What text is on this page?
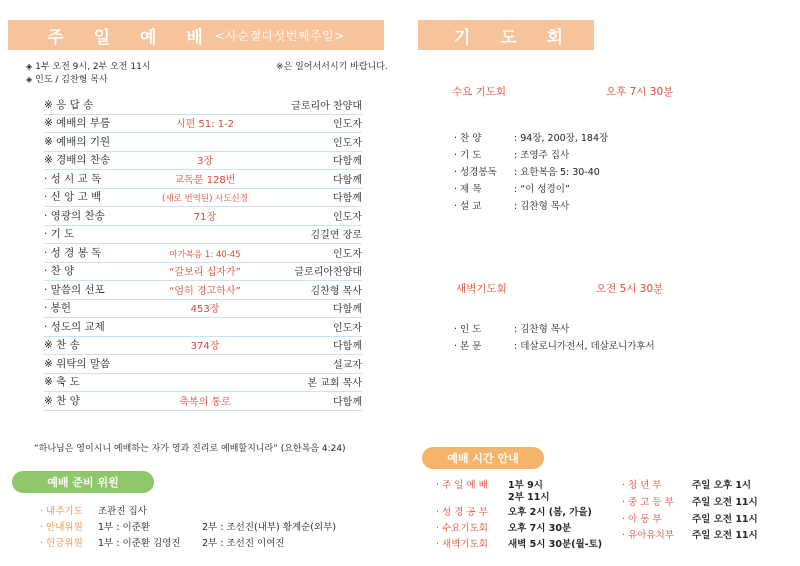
주 일 예 배 <사순절다섯번째주일>
◈ 1부 오전 9시, 2부 오전 11시	※은 일어서서시기 바랍니다.
◈ 인도 / 김찬형 목사
※ 응 답 송	글로리아 찬양대
※ 예배의 부름	시편 51: 1-2	인도자
※ 예배의 기원	인도자
※ 경배의 찬송	3장	다함께
· 성 시 교 독	교독문 128번	다함께
· 신 앙 고 백	(새로 번역된) 사도신경	다함께
· 영광의 찬송	71장	인도자
· 기 도	김길연 장로
· 성 경 봉 독	마가복음 1: 40-45	인도자
· 찬 양	“갈보리 십자가”	글로리아찬양대
· 말씀의 선포	“엄히 경고하사”	김찬형 목사
· 봉헌	453장	다함께
· 성도의 교제	인도자
※ 찬 송	374장	다함께
※ 위탁의 말씀	설교자
※ 축 도	본 교회 목사
※ 찬 양	축복의 통로	다함께
“하나님은 영이시니 예배하는 자가 영과 진리로 예배할지니라” (요한복음 4:24)
예배 준비 위원
· 내주기도	조관진 집사
· 안내위원	1부 : 이준환	2부 : 조선진(내부) 황계순(외부)
· 헌금위원	1부 : 이준환 김영진	2부 : 조선진 이여진
기 도 회
수요 기도회	오후 7시 30분
· 찬 양	: 94장, 200장, 184장
· 기 도	: 조영주 집사
· 성경봉독	: 요한복음 5: 30-40
· 제 목	: “이 성경이”
· 설 교	: 김찬형 목사
새벽기도회	오전 5시 30분
· 인 도	: 김찬형 목사
· 본 문	: 데살로니가전서, 데살로니가후서
예배 시간 안내
· 주 일 예 배	1부 9시
2부 11시
· 성 경 공 부	오후 2시 (봄, 가을)
· 수요기도회	오후 7시 30분
· 새벽기도회	새벽 5시 30분(월-토)
· 청 년 부	주일 오후 1시
· 중 고 등 부	주일 오전 11시
· 아 동 부	주일 오전 11시
· 유아유치부	주일 오전 11시
